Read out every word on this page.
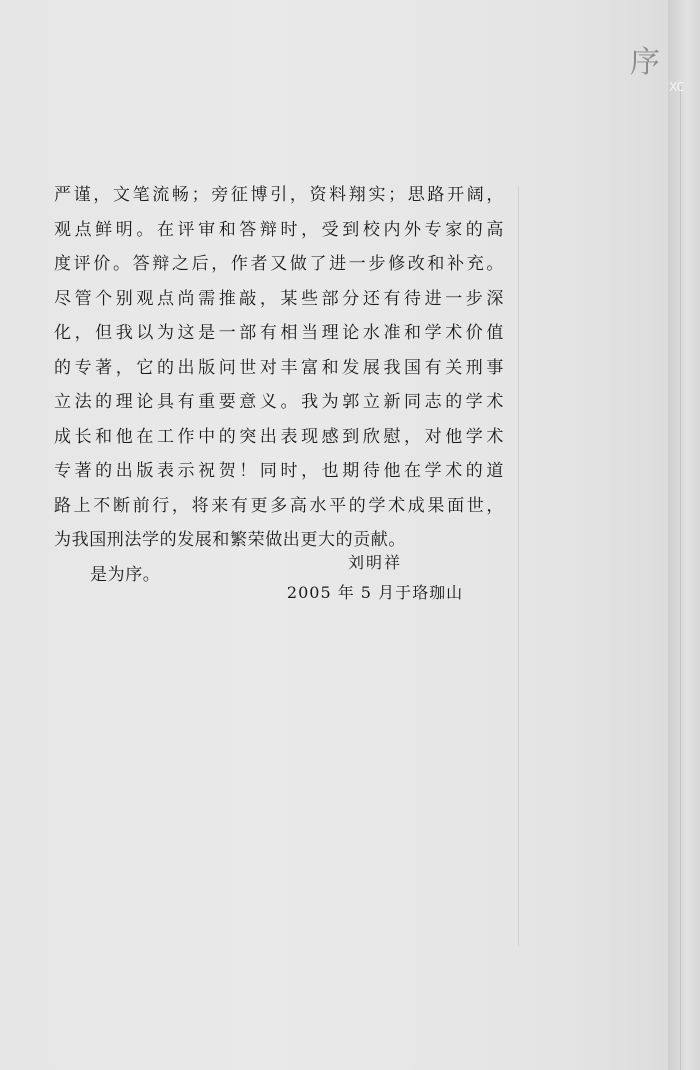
序
XC
严谨，文笔流畅；旁征博引，资料翔实；思路开阔，
观点鲜明。在评审和答辩时，受到校内外专家的高
度评价。答辩之后，作者又做了进一步修改和补充。
尽管个别观点尚需推敲，某些部分还有待进一步深
化，但我以为这是一部有相当理论水准和学术价值
的专著，它的出版问世对丰富和发展我国有关刑事
立法的理论具有重要意义。我为郭立新同志的学术
成长和他在工作中的突出表现感到欣慰，对他学术
专著的出版表示祝贺！同时，也期待他在学术的道
路上不断前行，将来有更多高水平的学术成果面世，
为我国刑法学的发展和繁荣做出更大的贡献。
是为序。
刘明祥
2005 年 5 月于珞珈山
